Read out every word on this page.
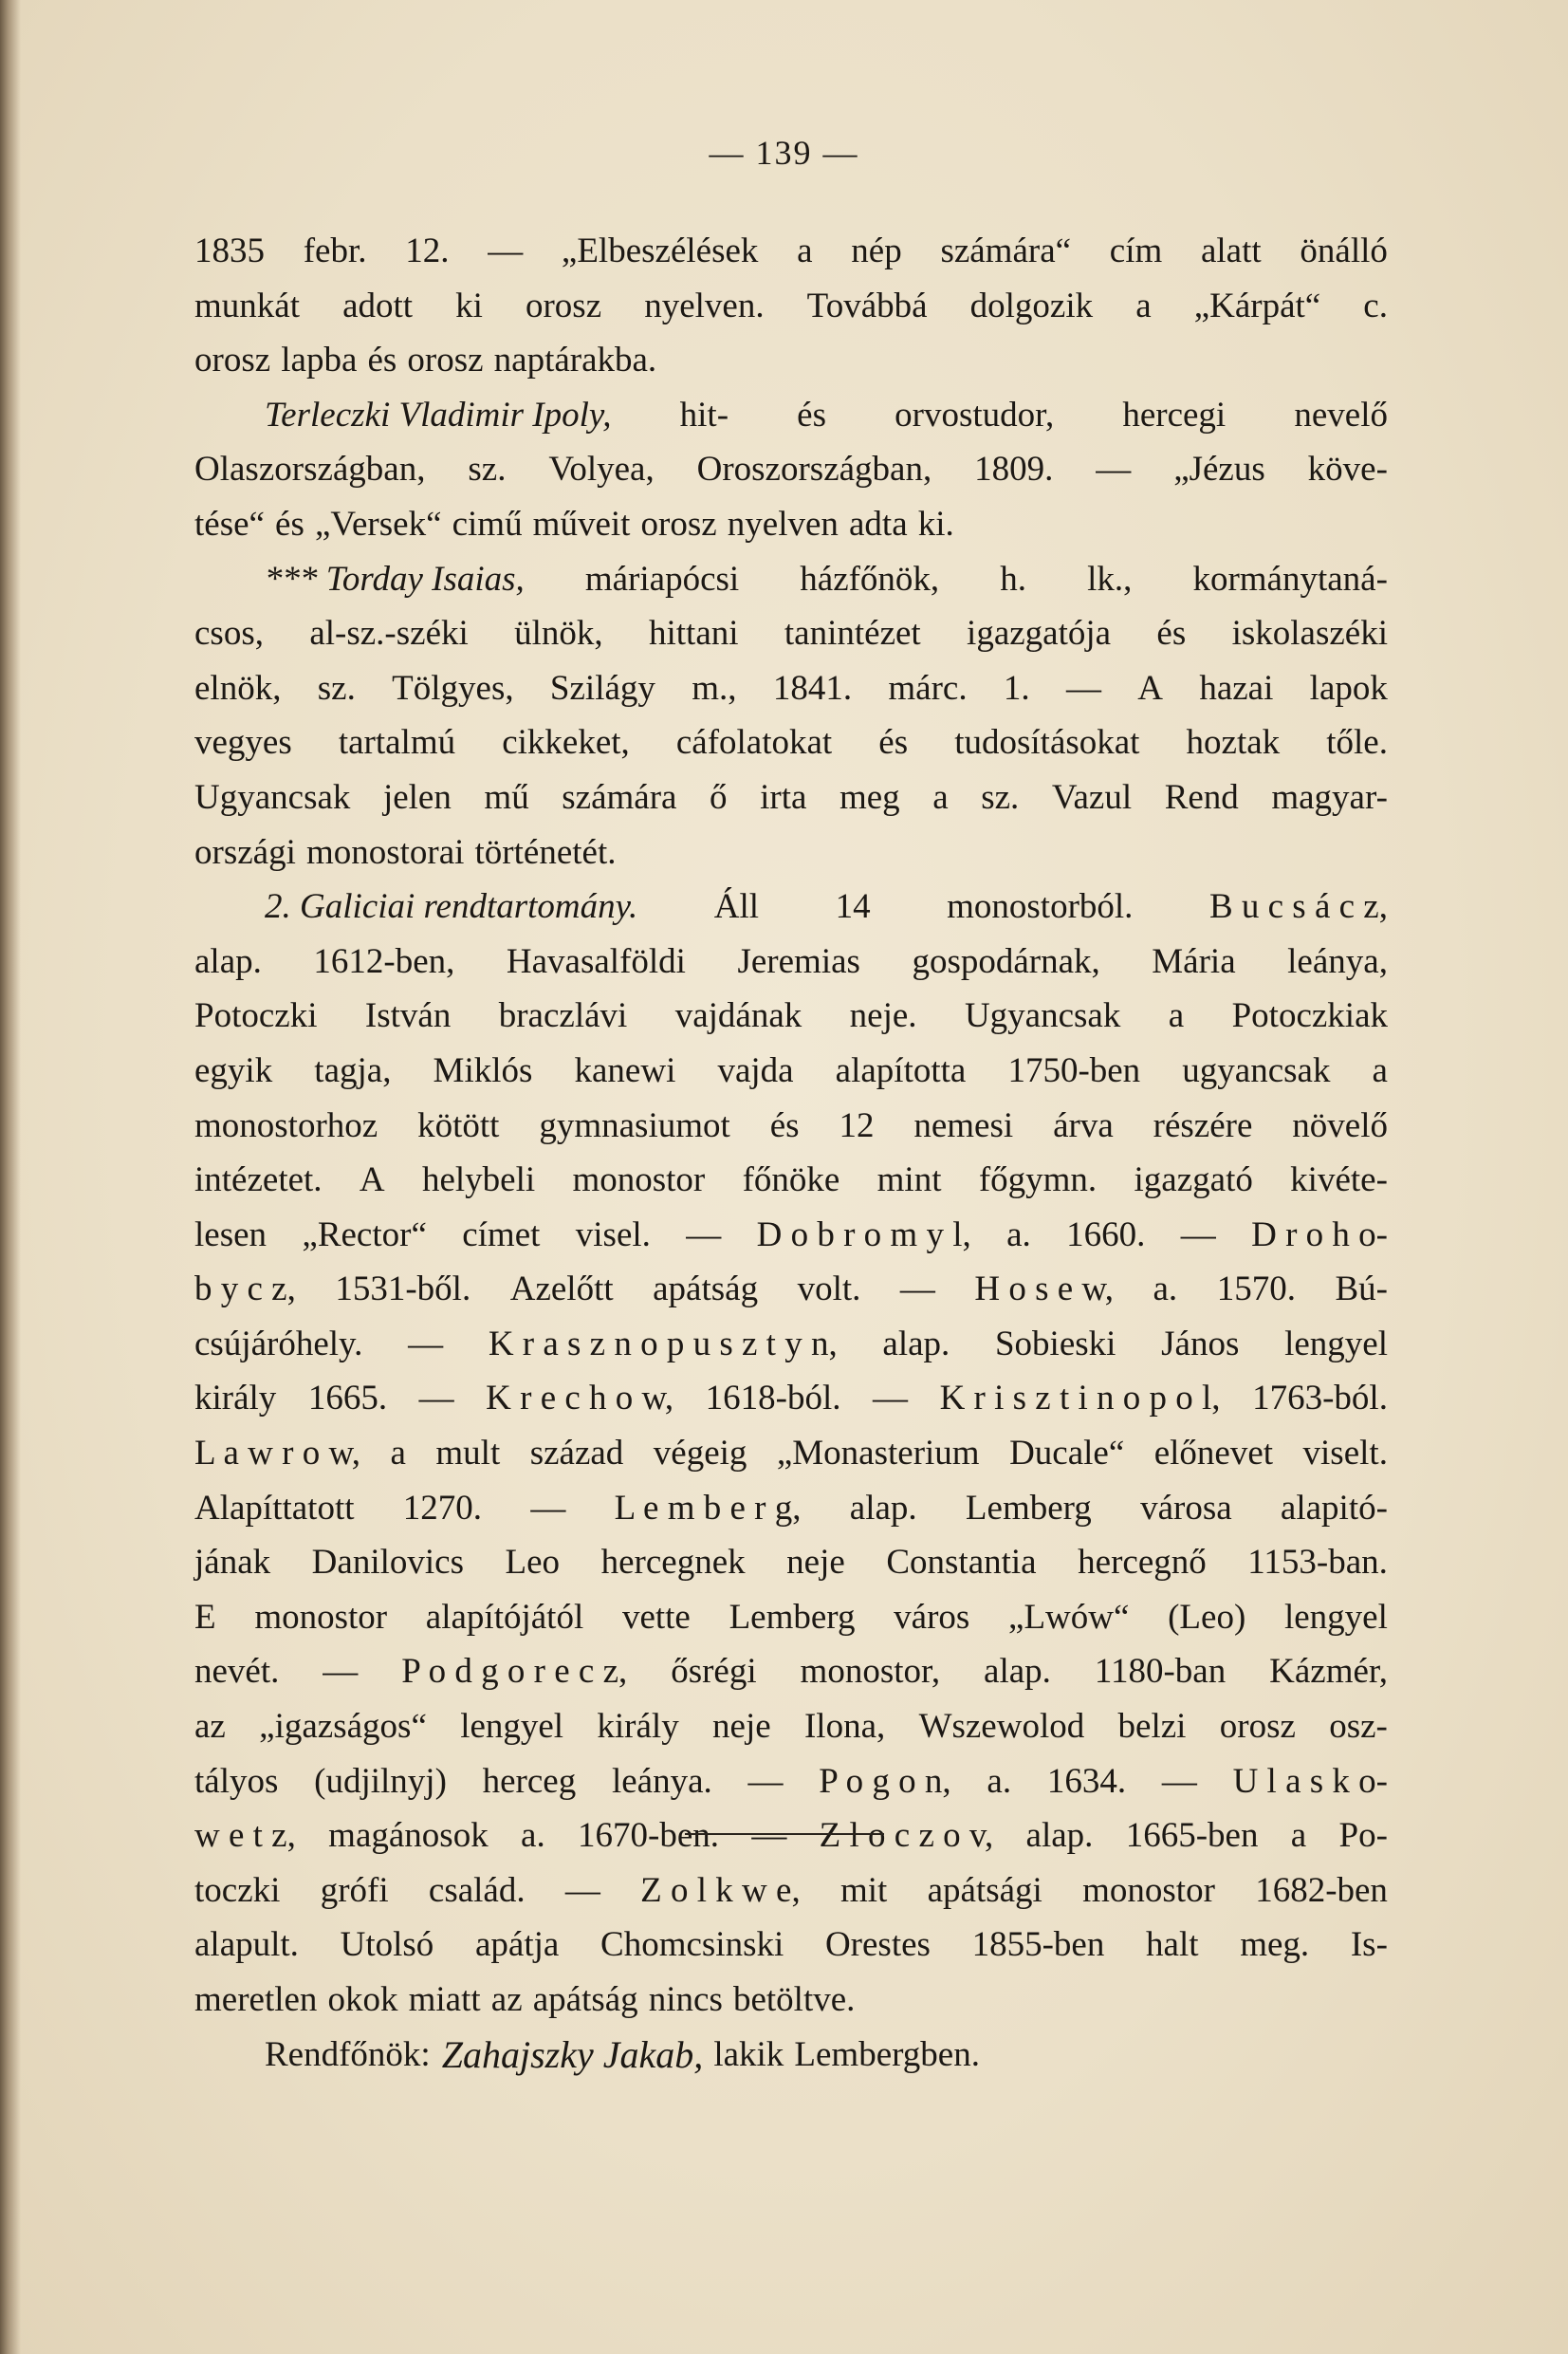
— 139 —
1835 febr. 12. — „Elbeszélések a nép számára“ cím alatt önálló
munkát adott ki orosz nyelven. Továbbá dolgozik a „Kárpát“ c.
orosz lapba és orosz naptárakba.
Terleczki Vladimir Ipoly, hit- és orvostudor, hercegi nevelő
Olaszországban, sz. Volyea, Oroszországban, 1809. — „Jézus köve-
tése“ és „Versek“ cimű műveit orosz nyelven adta ki.
*** Torday Isaias, máriapócsi házfőnök, h. lk., kormánytaná-
csos, al-sz.-széki ülnök, hittani tanintézet igazgatója és iskolaszéki
elnök, sz. Tölgyes, Szilágy m., 1841. márc. 1. — A hazai lapok
vegyes tartalmú cikkeket, cáfolatokat és tudosításokat hoztak tőle.
Ugyancsak jelen mű számára ő irta meg a sz. Vazul Rend magyar-
országi monostorai történetét.
2. Galiciai rendtartomány. Áll 14 monostorból. B u c s á c z,
alap. 1612-ben, Havasalföldi Jeremias gospodárnak, Mária leánya,
Potoczki István braczlávi vajdának neje. Ugyancsak a Potoczkiak
egyik tagja, Miklós kanewi vajda alapította 1750-ben ugyancsak a
monostorhoz kötött gymnasiumot és 12 nemesi árva részére növelő
intézetet. A helybeli monostor főnöke mint főgymn. igazgató kivéte-
lesen „Rector“ címet visel. — D o b r o m y l, a. 1660. — D r o h o-
b y c z, 1531-ből. Azelőtt apátság volt. — H o s e w, a. 1570. Bú-
csújáróhely. — K r a s z n o p u s z t y n, alap. Sobieski János lengyel
király 1665. — K r e c h o w, 1618-ból. — K r i s z t i n o p o l, 1763-ból.
L a w r o w, a mult század végeig „Monasterium Ducale“ előnevet viselt.
Alapíttatott 1270. — L e m b e r g, alap. Lemberg városa alapitó-
jának Danilovics Leo hercegnek neje Constantia hercegnő 1153-ban.
E monostor alapítójától vette Lemberg város „Lwów“ (Leo) lengyel
nevét. — P o d g o r e c z, ősrégi monostor, alap. 1180-ban Kázmér,
az „igazságos“ lengyel király neje Ilona, Wszewolod belzi orosz osz-
tályos (udjilnyj) herceg leánya. — P o g o n, a. 1634. — U l a s k o-
w e t z, magánosok a. 1670-ben. — Z l o c z o v, alap. 1665-ben a Po-
toczki grófi család. — Z o l k w e, mit apátsági monostor 1682-ben
alapult. Utolsó apátja Chomcsinski Orestes 1855-ben halt meg. Is-
meretlen okok miatt az apátság nincs betöltve.
Rendfőnök: Zahajszky Jakab, lakik Lembergben.
